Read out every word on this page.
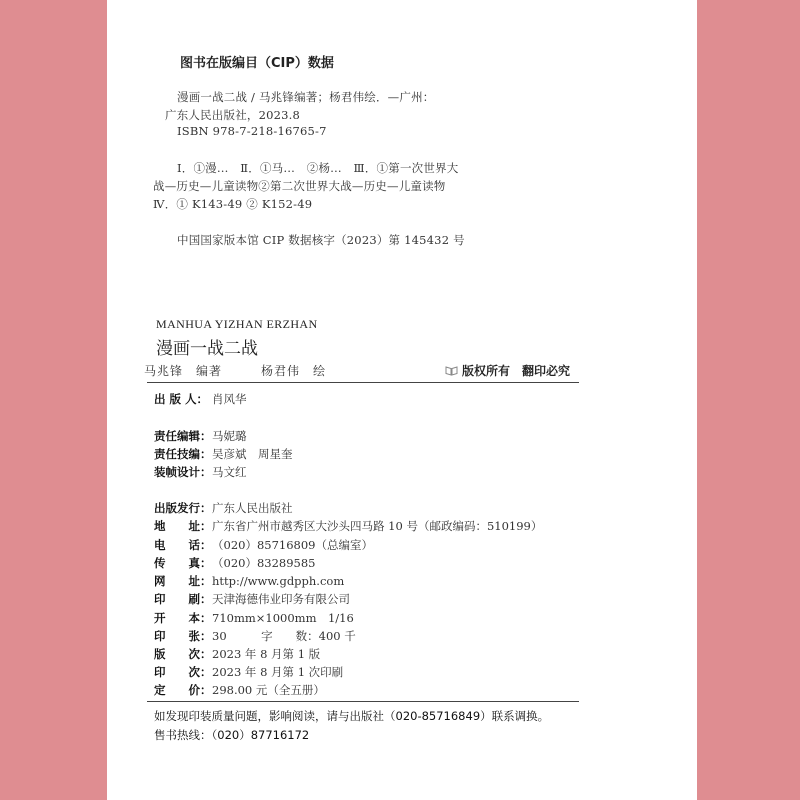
图书在版编目（CIP）数据
漫画一战二战 / 马兆锋编著；杨君伟绘．—广州：
广东人民出版社，2023.8
ISBN 978-7-218-16765-7
Ⅰ．①漫…　Ⅱ．①马…　②杨…　Ⅲ．①第一次世界大
战—历史—儿童读物②第二次世界大战—历史—儿童读物
Ⅳ．① K143-49 ② K152-49
中国国家版本馆 CIP 数据核字（2023）第 145432 号
MANHUA YIZHAN ERZHAN
漫画一战二战
马兆锋　编著　　　杨君伟　绘	版权所有　翻印必究
出 版 人： 肖风华
责任编辑： 马妮璐
责任技编： 吴彦斌　周星奎
装帧设计： 马文红
出版发行： 广东人民出版社
地　　址： 广东省广州市越秀区大沙头四马路 10 号（邮政编码：510199）
电　　话： （020）85716809（总编室）
传　　真： （020）83289585
网　　址： http://www.gdpph.com
印　　刷： 天津海德伟业印务有限公司
开　　本： 710mm×1000mm　1/16
印　　张： 30　　　字　　数：400 千
版　　次： 2023 年 8 月第 1 版
印　　次： 2023 年 8 月第 1 次印刷
定　　价： 298.00 元（全五册）
如发现印装质量问题，影响阅读，请与出版社（020-85716849）联系调换。
售书热线：（020）87716172
